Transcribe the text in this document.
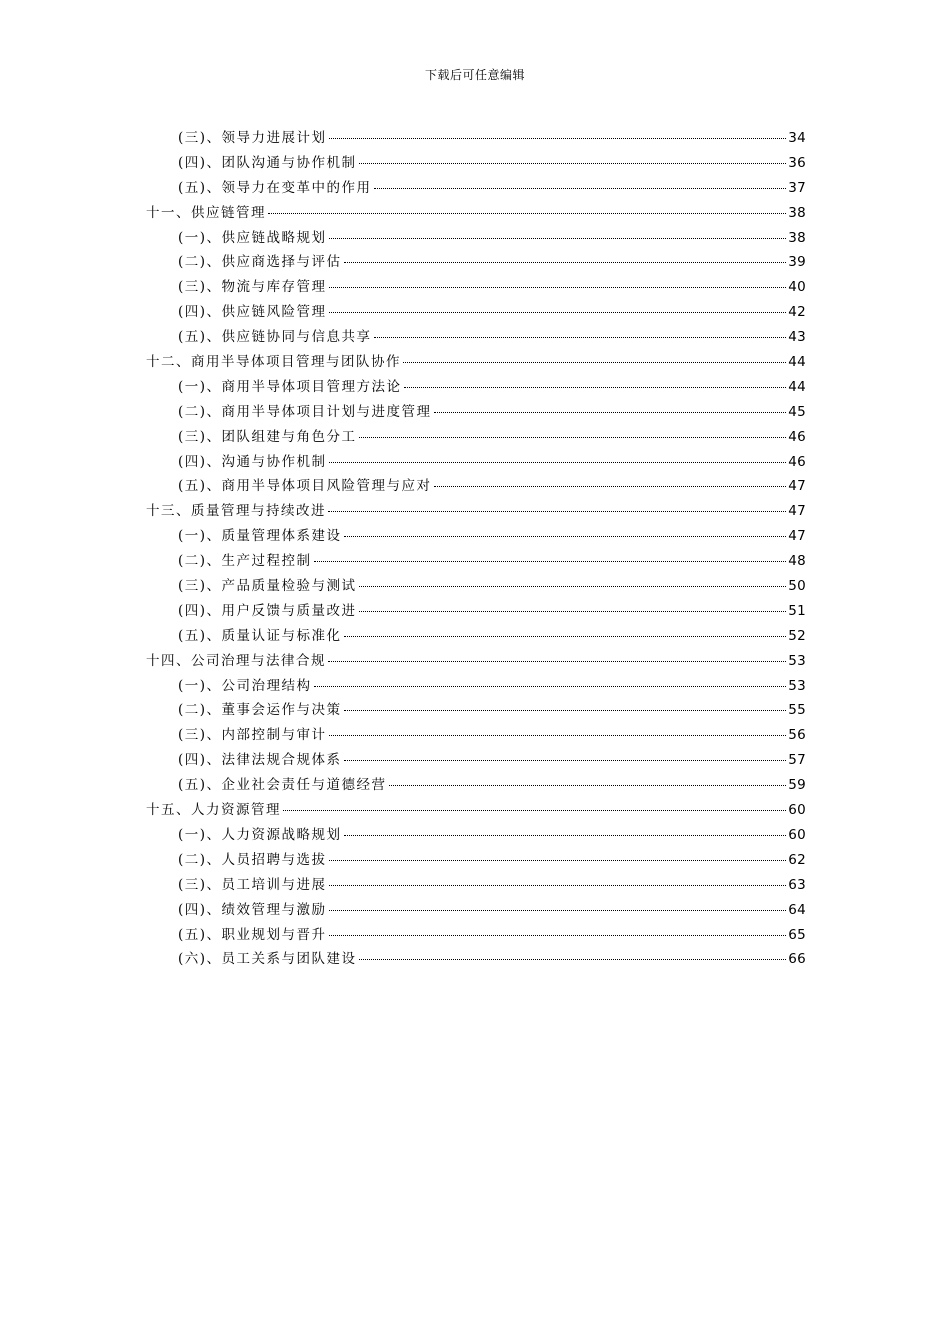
下载后可任意编辑
(三)、领导力进展计划	34
(四)、团队沟通与协作机制	36
(五)、领导力在变革中的作用	37
十一、供应链管理	38
(一)、供应链战略规划	38
(二)、供应商选择与评估	39
(三)、物流与库存管理	40
(四)、供应链风险管理	42
(五)、供应链协同与信息共享	43
十二、商用半导体项目管理与团队协作	44
(一)、商用半导体项目管理方法论	44
(二)、商用半导体项目计划与进度管理	45
(三)、团队组建与角色分工	46
(四)、沟通与协作机制	46
(五)、商用半导体项目风险管理与应对	47
十三、质量管理与持续改进	47
(一)、质量管理体系建设	47
(二)、生产过程控制	48
(三)、产品质量检验与测试	50
(四)、用户反馈与质量改进	51
(五)、质量认证与标准化	52
十四、公司治理与法律合规	53
(一)、公司治理结构	53
(二)、董事会运作与决策	55
(三)、内部控制与审计	56
(四)、法律法规合规体系	57
(五)、企业社会责任与道德经营	59
十五、人力资源管理	60
(一)、人力资源战略规划	60
(二)、人员招聘与选拔	62
(三)、员工培训与进展	63
(四)、绩效管理与激励	64
(五)、职业规划与晋升	65
(六)、员工关系与团队建设	66
